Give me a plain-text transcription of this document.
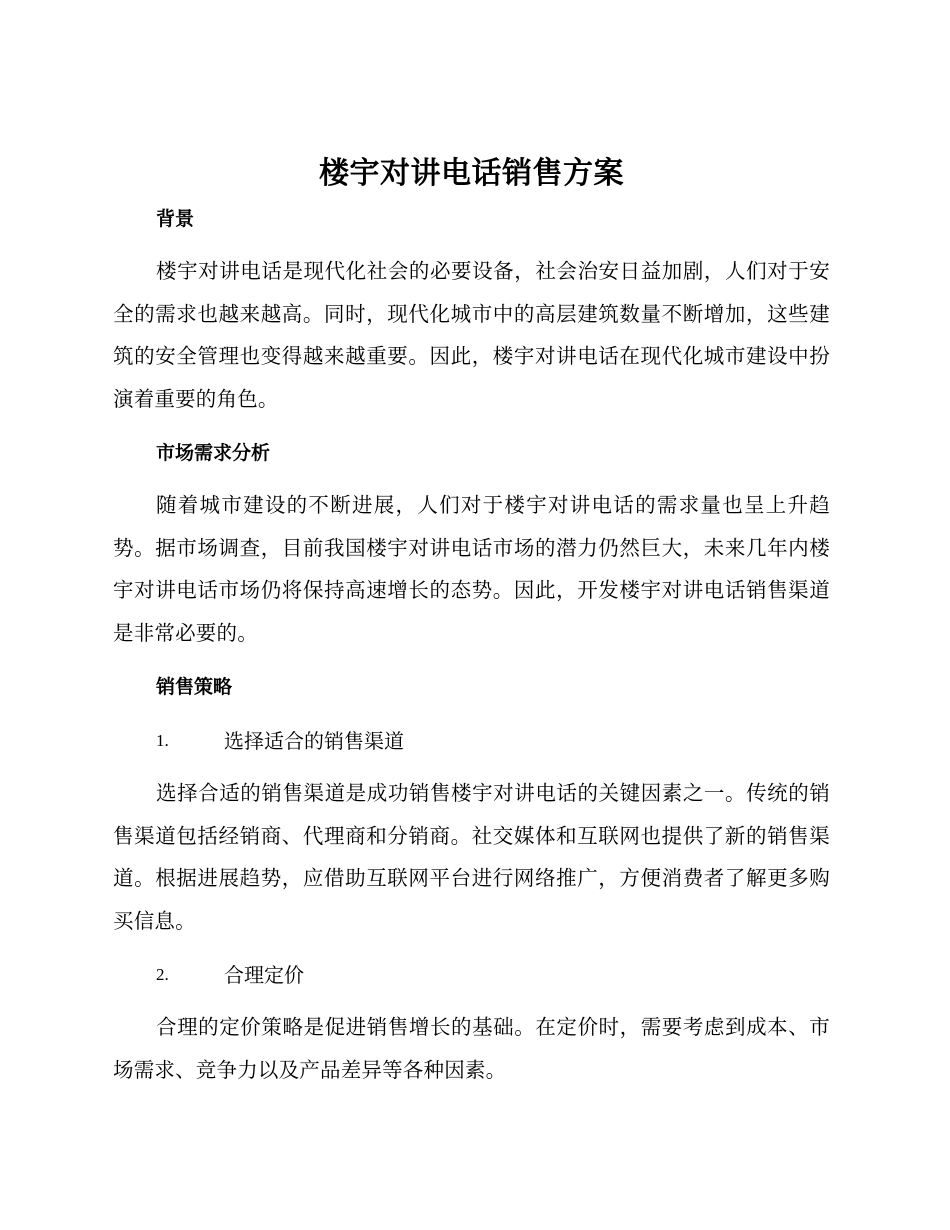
楼宇对讲电话销售方案
背景

楼宇对讲电话是现代化社会的必要设备，社会治安日益加剧，人们对于安全的需求也越来越高。同时，现代化城市中的高层建筑数量不断增加，这些建筑的安全管理也变得越来越重要。因此，楼宇对讲电话在现代化城市建设中扮演着重要的角色。

市场需求分析

随着城市建设的不断进展，人们对于楼宇对讲电话的需求量也呈上升趋势。据市场调查，目前我国楼宇对讲电话市场的潜力仍然巨大，未来几年内楼宇对讲电话市场仍将保持高速增长的态势。因此，开发楼宇对讲电话销售渠道是非常必要的。

销售策略
1.	选择适合的销售渠道

选择合适的销售渠道是成功销售楼宇对讲电话的关键因素之一。传统的销售渠道包括经销商、代理商和分销商。社交媒体和互联网也提供了新的销售渠道。根据进展趋势，应借助互联网平台进行网络推广，方便消费者了解更多购买信息。

2.	合理定价

合理的定价策略是促进销售增长的基础。在定价时，需要考虑到成本、市场需求、竞争力以及产品差异等各种因素。
